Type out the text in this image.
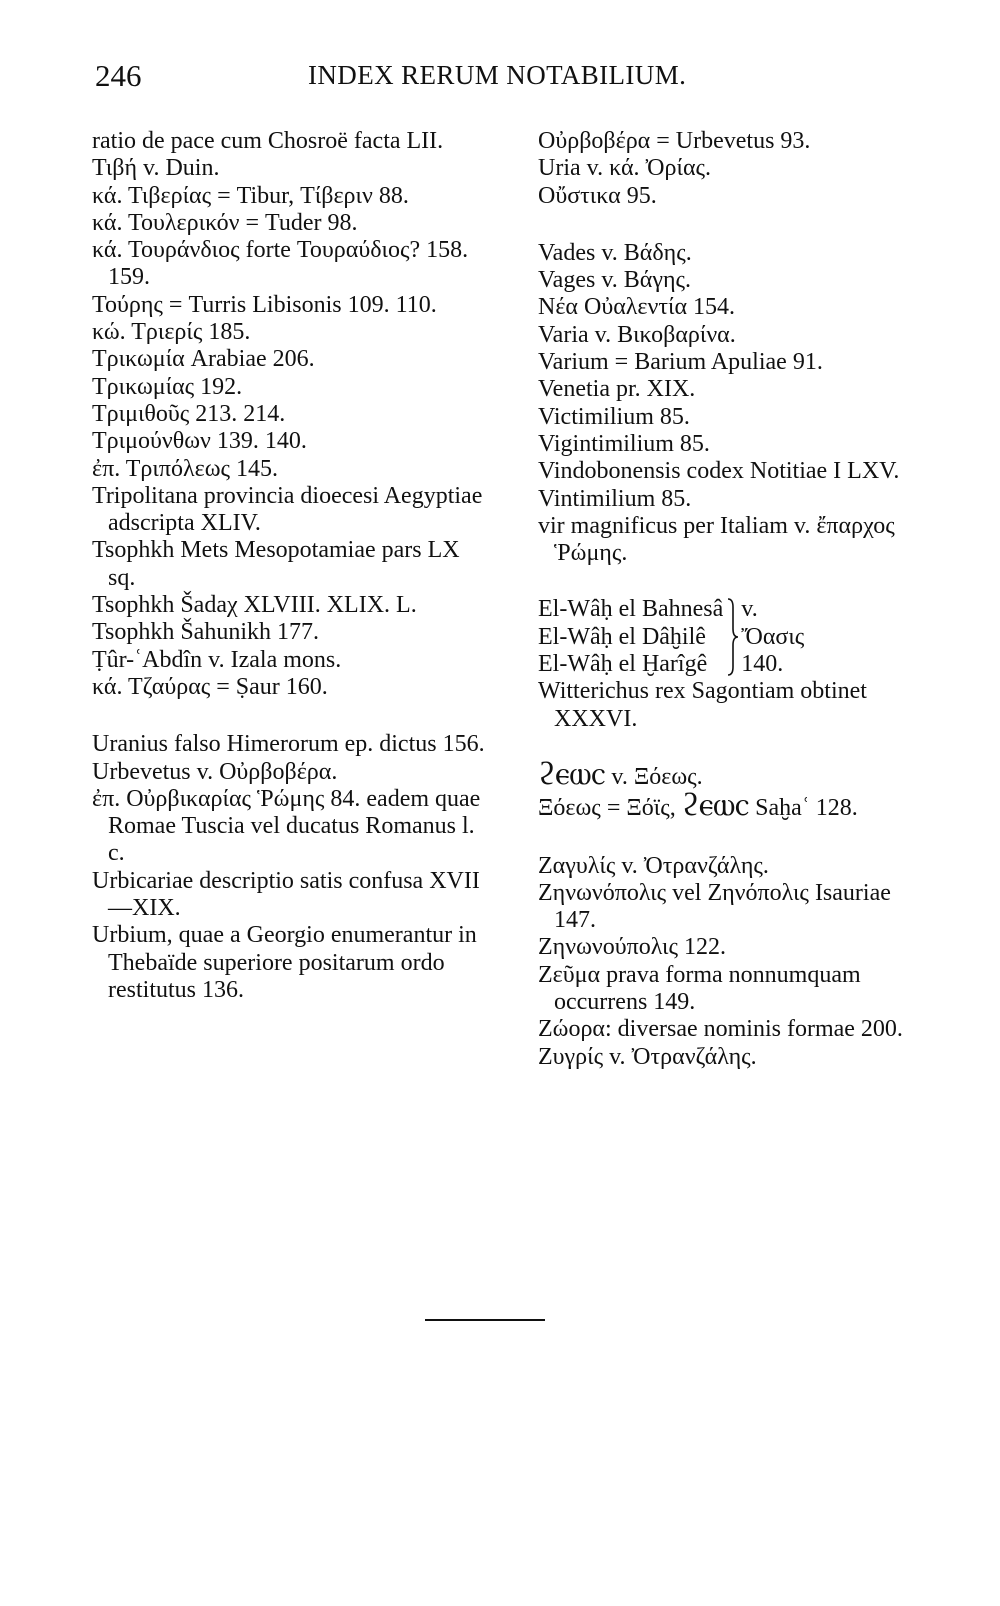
246	INDEX RERUM NOTABILIUM.
ratio de pace cum Chosroë facta LII.
Τιβή v. Duin.
κά. Τιβερίας = Tibur, Τίβεριν 88.
κά. Τουλερικόν = Tuder 98.
κά. Τουράνδιος forte Τουραύδιος? 158. 159.
Τούρης = Turris Libisonis 109. 110.
κώ. Τριερίς 185.
Τρικωμία Arabiae 206.
Τρικωμίας 192.
Τριμιθοῦς 213. 214.
Τριμούνθων 139. 140.
ἐπ. Τριπόλεως 145.
Tripolitana provincia dioecesi Aegyptiae adscripta XLIV.
Tsophkh Mets Mesopotamiae pars LX sq.
Tsophkh Šadaχ XLVIII. XLIX. L.
Tsophkh Šahunikh 177.
Ṭûr-ʿAbdîn v. Izala mons.
κά. Τζαύρας = Ṣaur 160.
Uranius falso Himerorum ep. dictus 156.
Urbevetus v. Οὐρβοβέρα.
ἐπ. Οὐρβικαρίας Ῥώμης 84. eadem quae Romae Tuscia vel ducatus Romanus l. c.
Urbicariae descriptio satis confusa XVII—XIX.
Urbium, quae a Georgio enumerantur in Thebaïde superiore positarum ordo restitutus 136.
Οὐρβοβέρα = Urbevetus 93.
Uria v. κά. Ὀρίας.
Οὔστικα 95.
Vades v. Βάδης.
Vages v. Βάγης.
Νέα Οὐαλεντία 154.
Varia v. Βικοβαρίνα.
Varium = Barium Apuliae 91.
Venetia pr. XIX.
Victimilium 85.
Vigintimilium 85.
Vindobonensis codex Notitiae I LXV.
Vintimilium 85.
vir magnificus per Italiam v. ἔπαρχος Ῥώμης.
El-Wâḥ el Bahnesâ
El-Wâḥ el Dâḫilê
El-Wâḥ el Ḫarîgê
v.
Ὄασις
140.
Witterichus rex Sagontiam obtinet XXXVI.
ϩⲉⲱⲥ v. Ξόεως.
Ξόεως = Ξόϊς, ϩⲉⲱⲥ Saḫaʿ 128.
Ζαγυλίς v. Ὀτρανζάλης.
Ζηνωνόπολις vel Ζηνόπολις Isauriae 147.
Ζηνωνούπολις 122.
Ζεῦμα prava forma nonnumquam occurrens 149.
Ζώορα: diversae nominis formae 200.
Ζυγρίς v. Ὀτρανζάλης.
